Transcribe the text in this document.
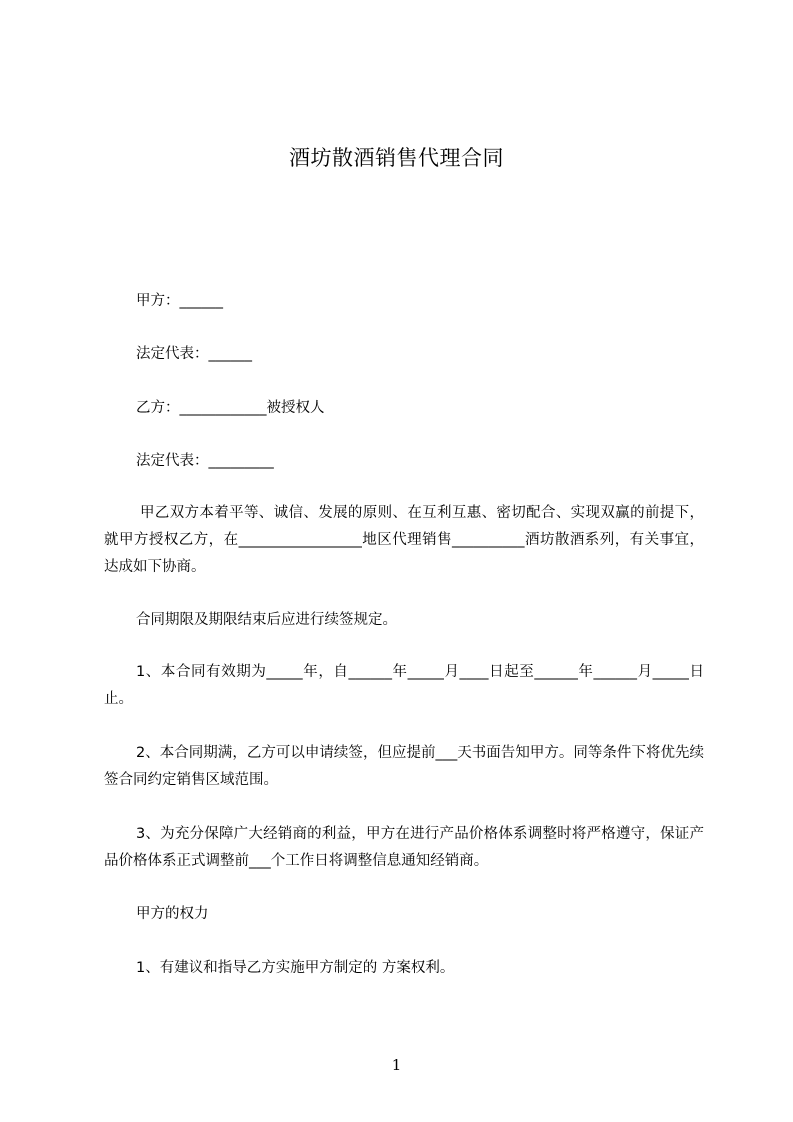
酒坊散酒销售代理合同
甲方：______
法定代表：______
乙方：____________被授权人
法定代表：_________
甲乙双方本着平等、诚信、发展的原则、在互利互惠、密切配合、实现双赢的前提下，就甲方授权乙方，在_________________地区代理销售__________酒坊散酒系列，有关事宜，达成如下协商。
合同期限及期限结束后应进行续签规定。
1、本合同有效期为_____年，自______年_____月____日起至______年______月_____日止。
2、本合同期满，乙方可以申请续签，但应提前___天书面告知甲方。同等条件下将优先续签合同约定销售区域范围。
3、为充分保障广大经销商的利益，甲方在进行产品价格体系调整时将严格遵守，保证产品价格体系正式调整前___个工作日将调整信息通知经销商。
甲方的权力
1、有建议和指导乙方实施甲方制定的 方案权利。
1
